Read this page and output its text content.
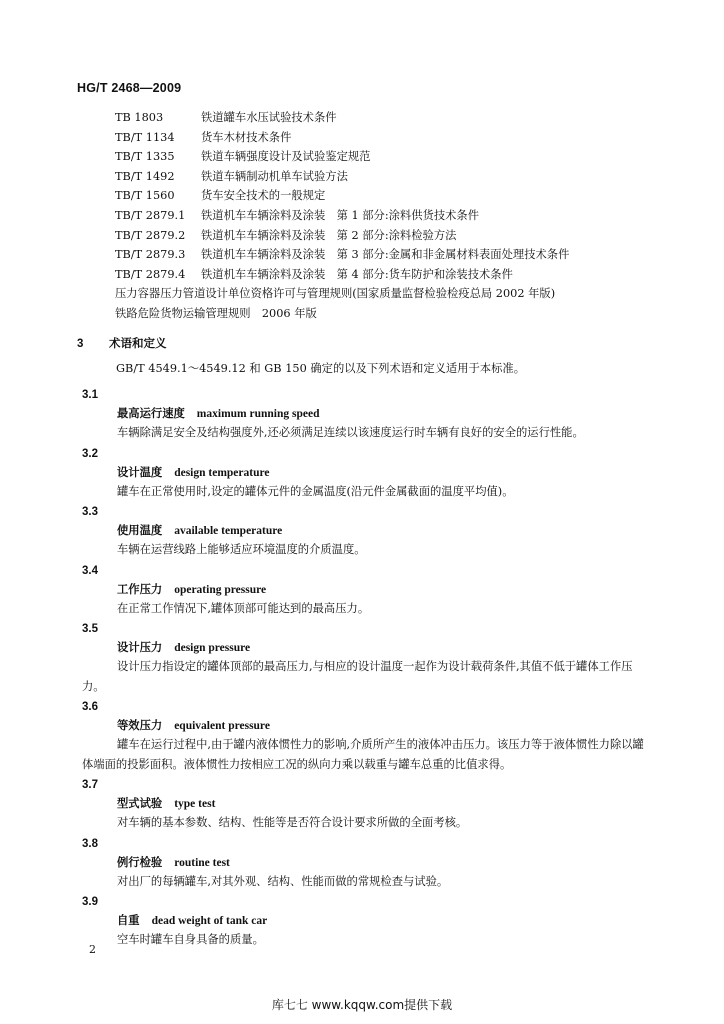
HG/T 2468—2009
TB 1803	铁道罐车水压试验技术条件
TB/T 1134 货车木材技术条件
TB/T 1335 铁道车辆强度设计及试验鉴定规范
TB/T 1492 铁道车辆制动机单车试验方法
TB/T 1560 货车安全技术的一般规定
TB/T 2879.1 铁道机车车辆涂料及涂装　第 1 部分:涂料供货技术条件
TB/T 2879.2 铁道机车车辆涂料及涂装　第 2 部分:涂料检验方法
TB/T 2879.3 铁道机车车辆涂料及涂装　第 3 部分:金属和非金属材料表面处理技术条件
TB/T 2879.4 铁道机车车辆涂料及涂装　第 4 部分:货车防护和涂装技术条件
压力容器压力管道设计单位资格许可与管理规则(国家质量监督检验检疫总局 2002 年版)
铁路危险货物运输管理规则　2006 年版
3 术语和定义
GB/T 4549.1～4549.12 和 GB 150 确定的以及下列术语和定义适用于本标准。
3.1
最高运行速度 maximum running speed
车辆除满足安全及结构强度外,还必须满足连续以该速度运行时车辆有良好的安全的运行性能。
3.2
设计温度 design temperature
罐车在正常使用时,设定的罐体元件的金属温度(沿元件金属截面的温度平均值)。
3.3
使用温度 available temperature
车辆在运营线路上能够适应环境温度的介质温度。
3.4
工作压力 operating pressure
在正常工作情况下,罐体顶部可能达到的最高压力。
3.5
设计压力 design pressure
设计压力指设定的罐体顶部的最高压力,与相应的设计温度一起作为设计载荷条件,其值不低于罐体工作压力。
3.6
等效压力 equivalent pressure
罐车在运行过程中,由于罐内液体惯性力的影响,介质所产生的液体冲击压力。该压力等于液体惯性力除以罐体端面的投影面积。液体惯性力按相应工况的纵向力乘以载重与罐车总重的比值求得。
3.7
型式试验 type test
对车辆的基本参数、结构、性能等是否符合设计要求所做的全面考核。
3.8
例行检验 routine test
对出厂的每辆罐车,对其外观、结构、性能而做的常规检查与试验。
3.9
自重 dead weight of tank car
空车时罐车自身具备的质量。
2
库七七 www.kqqw.com提供下载
